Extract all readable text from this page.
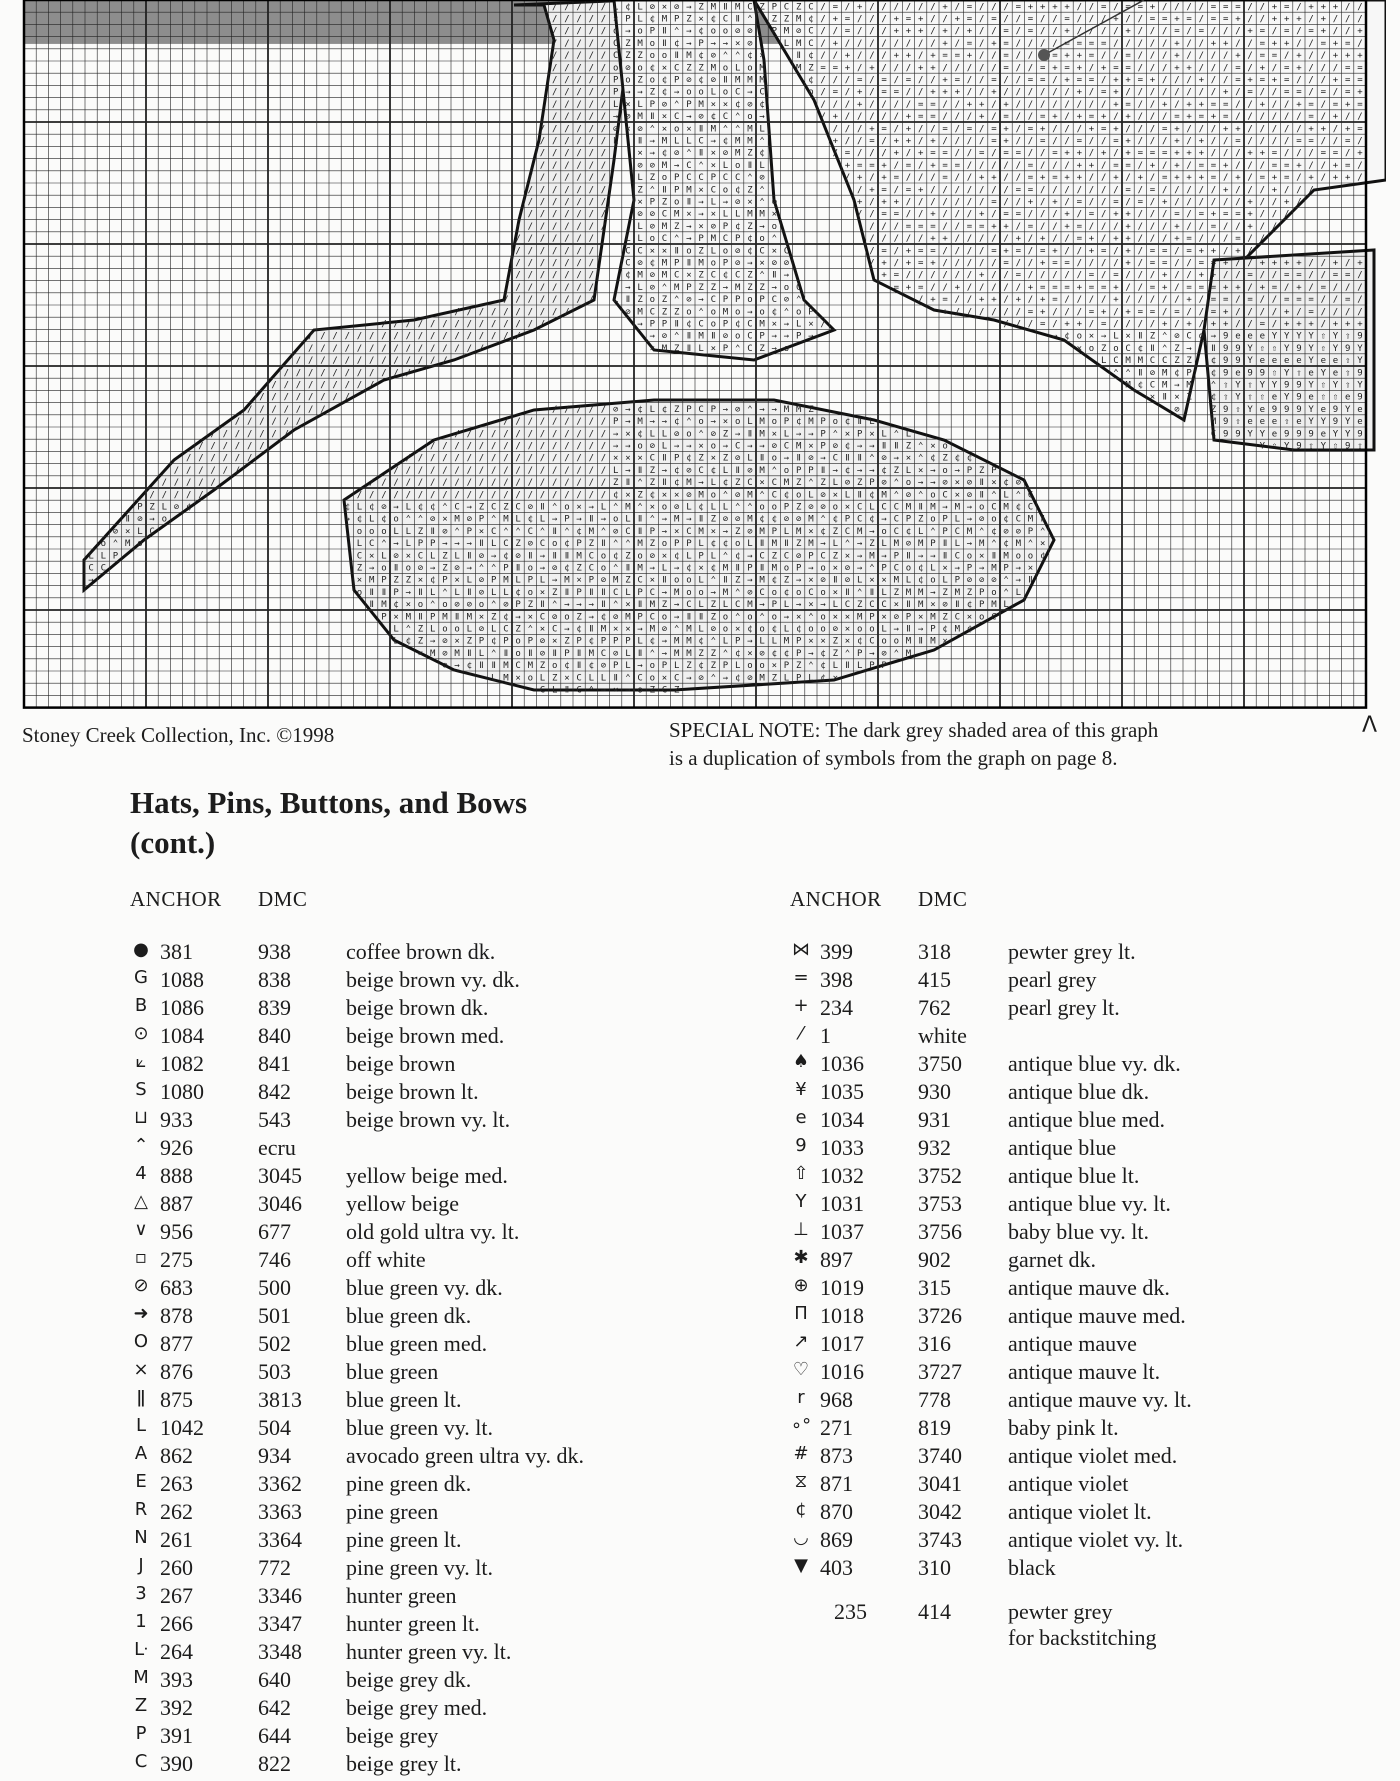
L
C
→
o
L
C
⊘
⌃
P
ǁ
×
M
P
⊘
L
o
/
Z
→
C
/
/
L
o
/
/
/
⊘
/
/
/
/
¢
/
/
/
/
/
/
/
/
/
/
/
/
/
/
/
/
/
/
/
/
/
/
/
/
/
/
/
/
/
/
/
/
/
/
/
/
/
/
/
/
/
/
/
/
/
/
/
/
/
/
/
/
/
/
/
/
/
/
/
/
/
/
/
/
/
/
/
/
/
/
/
/
¢
→
/
/
/
/
/
/
L
¢
o
L
C
Z
×
o
/
/
/
/
/
/
/
¢
L
o
C
×
→
M
ǁ
ǁ
/
/
/
/
/
/
/
⊘
¢
o
⌃
L
o
P
ǁ
M
P
/
/
/
/
/
/
/
/
→
o
L
→
⊘
ǁ
Z
P
¢
×
L
L
/
/
/
/
/
/
/
/
/
L
⌃
L
L
×
o
Z
→
×
M
⌃
¢
/
/
/
/
/
/
/
/
¢
⌃
Z
P
C
⊘
×
ǁ
o
ǁ
Z
Z
×
/
/
/
/
/
/
/
/
/
¢
⊘
ǁ
P
L
→
¢
L
⌃
P
L
→
M
/
/
/
/
/
/
/
/
/
⌃
×
⊘
→
Z
Z
P
⌃
o
M
o
⊘
⊘
⊘
/
/
/
/
/
/
/
/
/
/
C
M
⌃
→
L
⊘
×
L
⊘
ǁ
o
×
M
→
/
/
/
/
/
/
/
/
/
/
→
⊘
P
→
ǁ
→
L
ǁ
⊘
M
L
Z
ǁ
¢
/
/
/
/
/
/
/
/
/
/
Z
P
×
ǁ
⊘
⌃
⊘
⊘
o
×
⊘
P
L
ǁ
/
/
/
/
/
/
/
/
/
C
⌃
C
L
→
⌃
P
L
⌃
Z
L
¢
⌃
ǁ
L
/
/
/
/
/
/
/
/
/
/
/
Z
M
⌃
C
¢
P
M
L
⊘
¢
C
P
ǁ
M
M
/
/
/
/
/
/
/
/
/
/
/
/
/
/
/
/
/
C
L
⌃
Z
⊘
ǁ
L
¢
P
→
Z
o
o
C
×
/
/
/
/
/
/
/
/
/
/
/
/
/
/
/
/
/
/
/
/
⊘
¢
C
⊘
ǁ
o
P
o
Z
×
⌃
P
ǁ
M
o
/
/
/
/
/
/
/
/
/
/
/
/
/
/
/
/
/
/
/
/
/
/
/
/
ǁ
L
⌃
C
→
→
L
×
ǁ
C
×
⊘
⊘
Z
L
C
/
/
/
/
/
/
/
/
/
/
/
/
/
/
/
/
/
/
/
/
/
/
/
/
/
/
/
/
/
/
/
/
/
/
⌃
→
ǁ
o
ǁ
⊘
→
Z
⌃
⊘
C
×
ǁ
o
Z
L
/
/
/
/
/
/
/
/
/
/
/
/
/
/
/
/
/
/
/
/
/
/
/
/
/
/
/
/
/
/
/
/
/
/
o
P
⌃
¢
ǁ
¢
M
ǁ
→
o
→
Z
P
¢
×
ǁ
/
/
/
/
/
/
/
/
/
/
/
/
/
/
/
/
/
/
/
/
/
/
/
/
/
/
/
/
/
/
/
/
/
×
→
¢
P
M
Z
×
P
→
Z
¢
P
ǁ
ǁ
C
C
/
/
/
/
/
/
/
/
/
/
/
/
/
/
/
/
/
/
/
/
/
/
/
/
/
/
/
/
/
/
/
/
/
→
ǁ
M
Z
C
C
P
ǁ
→
→
ǁ
¢
M
¢
L
⌃
/
/
/
/
/
/
/
/
/
/
/
/
/
/
/
/
/
/
/
/
/
/
/
/
/
/
/
L
→
⌃
ǁ
o
o
⊘
ǁ
ǁ
¢
M
P
C
⊘
L
→
L
×
o
C
C
o
P
P
L
→
⊘
L
L
⊘
P
→
→
×
L
Z
¢
⌃
o
⊘
⌃
¢
⌃
M
C
⌃
⊘
×
P
⊘
P
ǁ
×
¢
P
→
Z
Z
⊘
o
→
×
⊘
×
L
C
C
¢
→
ǁ
⊘
→
→
×
→
×
→
ǁ
×
M
L
C
⌃
Z
ǁ
Z
L
×
M
×
P
L
L
⌃
→
L
L
o
M
Z
o
Z
→
L
M
⊘
ǁ
×
⊘
L
Z
×
⊘
L
L
C
⊘
M
L
Z
M
→
¢
M
¢
o
×
ǁ
⌃
Z
⌃
ǁ
ǁ
M
o
M
C
P
ǁ
P
→
L
ǁ
→
C
o
⊘
¢
P
o
o
¢
o
Z
P
ǁ
⌃
→
→
⊘
Z
⌃
P
⊘
⊘
o
×
¢
⊘
⊘
o
C
P
→
×
L
→
L
⊘
C
Z
Z
¢
×
⌃
P
Z
⊘
→
×
C
M
C
M
¢
⌃
o
o
Z
×
M
ǁ
ǁ
o
×
¢
¢
⊘
×
×
M
¢
M
o
ǁ
Z
C
M
C
×
M
M
⌃
Z
Z
P
⊘
M
¢
→
L
L
ǁ
→
ǁ
×
o
→
→
o
×
L
ǁ
→
Z
o
⊘
→
→
P
×
C
⊘
P
⌃
¢
ǁ
C
P
→
⌃
C
o
L
⊘
→
P
P
o
M
Z
⌃
ǁ
P
C
M
⌃
Z
ǁ
⌃
Z
Z
¢
⊘
→
P
¢
¢
×
⊘
M
×
P
¢
→
o
M
→
→
⌃
M
M
L
C
Z
→
Z
→
→
M
Z
⊘
o
P
→
×
L
⌃
C
C
M
ǁ
×
→
→
o
ǁ
×
P
⊘
o
¢
ǁ
ǁ
P
⌃
o
→
¢
⊘
M
⊘
L
→
C
P
L
¢
o
o
C
ǁ
M
M
M
Z
→
Z
×
¢
P
¢
Z
¢
o
M
⊘
ǁ
C
ǁ
⌃
C
×
→
→
×
P
Z
M
Z
Z
→
⌃
C
M
L
C
o
⌃
×
Z
C
→
M
¢
ǁ
M
L
P
×
L
o
L
ǁ
L
¢
Z
¢
⊘
M
¢
o
→
⊘
M
⊘
L
×
¢
M
→
×
×
P
C
L
×
⊘
M
L
o
C
Z
C
o
o
ǁ
×
P
→
⊘
o
×
¢
L
o
L
Z
×
¢
L
¢
⌃
→
Z
Z
⊘
⌃
Z
Z
⌃
ǁ
C
o
→
⌃
o
ǁ
o
×
C
⌃
¢
⊘
L
C
o
→
L
P
C
o
P
¢
→
P
M
P
⊘
P
→
×
Z
→
Z
L
¢
⌃
L
⊘
→
¢
⌃
M
ǁ
M
L
o
o
L
⌃
P
→
M
ǁ
⊘
×
⌃
L
M
C
¢
⌃
⌃
M
M
o
C
¢
⊘
L
¢
P
⊘
⊘
C
M
P
o
¢
o
⌃
⊘
o
→
C
⊘
ǁ
Z
⊘
⌃
⊘
Z
o
¢
ǁ
Z
⌃
C
⌃
×
P
¢
L
¢
C
⌃
⊘
⊘
¢
o
M
→
⊘
o
M
M
Z
ǁ
⌃
Z
×
M
Z
¢
¢
→
Z
Z
o
→
C
C
C
⌃
L
ǁ
→
L
⊘
C
M
⌃
M
⊘
L
→
P
→
⊘
M
o
¢
→
×
o
⊘
Z
×
M
M
C
¢
→
L
⌃
¢
L
⊘
⌃
⌃
M
→
o
C
×
⌃
Z
P
o
M
P
Z
→
M
M
→
ǁ
M
×
⌃
o
¢
M
ǁ
C
ǁ
M
C
→
⌃
o
L
⊘
o
M
P
Z
P
⊘
×
o
⌃
×
⊘
ǁ
→
C
¢
×
→
→
→
o
×
⊘
o
⌃
C
C
o
¢
P
M
Z
M
¢
o
P
o
¢
L
¢
×
Z
C
Z
M
L
C
⊘
→
o
⊘
⌃
→
→
o
M
P
L
C
→
o
M
¢
P
⊘
L
ǁ
C
o
Z
¢
L
→
L
M
¢
P
L
Z
M
⊘
M
ǁ
M
C
⌃
o
L
P
M
¢
→
M
ǁ
P
Z
o
Z
⊘
M
Z
⊘
P
→
o
→
×
¢
P
P
Z
P
C
¢
C
C
¢
Z
¢
o
P
×
→
Z
M
→
×
⊘
P
⌃
L
⊘
M
×
M
P
→
×
C
×
⌃
o
×
→
⌃
L
/
/
/
/
/
=
/
/
/
/
/
P
P
P
→
ǁ
Z
⊘
⊘
⌃
¢
→
C
o
⊘
o
→
o
o
×
¢
¢
¢
=
+
/
+
/
=
/
=
/
+
/
+
/
o
⌃
⊘
C
→
L
×
o
¢
Z
L
Z
×
ǁ
×
L
×
⊘
Z
Z
L
×
/
=
=
/
+
+
/
/
/
/
/
/
=
+
/
¢
×
¢
ǁ
¢
⊘
L
×
P
C
⌃
×
⊘
⊘
ǁ
C
×
×
×
⌃
ǁ
+
/
/
/
/
/
=
+
+
/
/
/
/
=
+
/
+
/
ǁ
P
→
ǁ
→
Z
ǁ
C
C
M
→
→
→
L
⌃
Z
M
o
¢
P
L
/
/
/
/
/
+
/
/
/
/
+
=
/
=
/
+
/
/
/
/
/
/
L
×
→
⌃
→
P
¢
L
¢
→
Z
M
⌃
×
ǁ
C
P
o
C
→
P
/
/
/
/
/
/
=
=
/
/
=
/
/
+
+
=
+
=
/
/
=
+
+
L
ǁ
⊘
¢
⊘
M
C
→
o
L
→
P
×
L
C
×
L
o
⊘
P
/
+
+
/
+
/
/
=
/
/
/
+
+
/
=
/
+
=
/
/
/
/
=
=
⌃
ǁ
→
Z
⌃
⌃
C
C
C
M
P
C
M
Z
×
⊘
→
o
⌃
/
=
+
/
+
/
=
/
/
+
+
+
/
=
/
=
/
/
=
/
+
+
/
+
L
Z
×
L
o
⊘
M
P
¢
⊘
ǁ
o
L
M
ǁ
P
ǁ
M
M
/
+
+
/
/
+
/
/
=
=
/
/
+
/
/
+
/
/
=
/
=
=
/
=
/
⌃
⌃
×
→
⌃
ǁ
Z
L
M
→
¢
¢
M
M
×
→
ǁ
→
/
/
/
/
+
+
/
+
=
=
/
+
=
+
/
/
/
+
=
+
=
+
/
/
+
×
¢
→
→
o
M
o
⌃
P
→
L
o
→
×
M
P
M
+
/
+
+
=
/
+
+
/
/
=
/
=
=
=
/
/
/
/
+
/
/
/
/
=
+
o
Z
o
⊘
C
→
P
P
ǁ
ǁ
×
L
Z
⊘
Z
¢
×
/
+
/
/
=
/
=
+
/
/
/
/
/
=
/
/
/
/
/
/
/
/
/
+
/
/
¢
→
×
×
M
L
C
L
C
→
P
M
ǁ
C
M
=
=
+
=
+
/
/
/
+
/
=
/
/
/
/
/
/
/
=
/
/
/
/
/
/
/
¢
P
⊘
⊘
→
→
M
→
o
P
⊘
Z
¢
×
¢
/
/
/
/
/
/
/
/
+
+
/
/
=
/
+
/
/
+
=
/
/
/
+
/
+
/
Z
ǁ
ǁ
o
⊘
⌃
M
×
→
⊘
P
P
o
/
=
/
+
/
/
=
+
/
/
=
=
/
/
+
/
=
/
+
/
=
/
/
/
+
/
P
×
⌃
C
o
¢
⌃
ǁ
M
⊘
o
M
C
/
/
=
=
=
=
/
/
+
=
+
+
=
/
/
/
/
=
+
/
+
=
/
/
/
/
/
¢
L
M
¢
⊘
¢
M
P
⌃
⌃
L
=
/
/
/
/
/
/
/
/
/
/
/
=
/
/
=
/
=
/
+
=
/
=
/
+
/
/
⊘
⌃
¢
C
⊘
M
o
→
→
L
+
=
=
/
/
/
=
/
/
/
=
/
/
=
=
=
+
/
=
/
/
/
/
+
/
=
/
C
C
M
P
⌃
o
×
ǁ
+
/
/
/
=
=
/
/
=
+
=
/
/
+
/
/
/
/
+
=
+
/
=
+
+
=
ǁ
⌃
×
¢
+
/
/
/
=
+
/
/
/
+
/
/
=
/
=
/
+
/
/
/
+
=
/
=
=
/
/
→
+
=
+
=
+
=
+
/
/
/
/
/
+
/
+
/
/
+
+
/
/
=
/
=
/
/
+
¢
/
/
/
=
+
+
=
+
/
+
/
=
+
+
+
/
=
/
=
=
/
/
/
+
/
/
+
o
×
/
/
/
=
=
/
=
/
/
=
+
/
/
+
/
/
/
=
/
+
+
/
=
=
/
=
/
×
o
=
/
/
=
/
+
/
=
/
+
=
/
+
/
/
/
/
/
/
/
=
/
/
=
/
+
=
→
Z
L
/
+
/
/
/
=
+
+
+
/
+
=
/
=
+
/
=
+
/
+
/
/
=
+
+
/
/
L
o
C
⌃
=
/
+
/
=
=
+
/
=
+
/
+
+
=
/
=
/
+
+
+
+
+
/
/
/
+
/
×
C
M
⌃
M
=
/
/
/
/
/
=
/
/
/
/
/
=
/
+
/
=
/
/
/
/
/
/
/
/
=
/
ǁ
¢
M
ǁ
¢
+
=
/
/
/
/
+
/
/
/
/
/
=
+
/
=
/
/
/
/
=
=
/
=
/
=
/
Z
ǁ
C
⊘
C
×
/
=
/
/
/
/
/
/
+
/
=
/
=
/
=
/
+
/
/
/
=
=
+
+
/
/
+
⌃
⌃
C
M
M
ǁ
/
+
=
+
+
+
/
/
/
=
+
+
+
+
+
/
/
=
+
+
/
/
/
/
/
=
/
⊘
Z
Z
¢
→
×
⊘
/
=
/
/
/
+
/
/
+
+
/
/
+
/
+
/
/
/
/
=
=
/
/
=
+
/
+
C
→
Z
P
M
Z
/
/
=
/
/
/
+
/
+
=
/
+
+
=
+
/
/
=
/
/
+
=
+
=
/
/
/
o
=
=
/
+
/
/
/
/
=
+
/
/
/
=
=
/
/
+
=
/
+
=
+
=
=
=
+
→
ǁ
¢
¢
⌃
¢
Z
M
C
=
=
/
+
/
/
/
+
=
=
+
/
/
+
/
+
/
=
/
/
/
+
/
+
=
+
+
9
9
9
9
⇧
⇧
9
9
9
=
+
/
/
+
=
=
/
/
/
+
=
/
/
+
/
/
=
/
=
+
/
/
+
/
/
/
e
9
9
e
Υ
Υ
⇧
⇧
9
/
/
+
/
/
/
+
=
/
/
/
/
+
/
/
/
+
+
+
/
/
/
=
/
=
/
/
e
Υ
Υ
9
⇧
⇧
Υ
e
Υ
/
/
=
=
=
+
=
/
+
/
/
/
+
/
=
/
/
/
/
/
+
/
+
/
/
=
e
⇧
e
9
Υ
⇧
e
e
Υ
Υ
+
+
/
+
=
/
+
/
/
/
/
/
=
=
+
+
/
/
/
+
/
=
/
/
/
Υ
⇧
e
⇧
Υ
e
9
e
e
⇧
=
+
=
+
/
=
=
=
/
/
/
/
/
=
=
/
+
/
+
=
/
=
+
+
Υ
Υ
e
Υ
9
Υ
9
⇧
9
Υ
/
+
/
/
+
+
/
=
+
/
/
=
/
+
/
/
/
+
=
+
=
/
+
Υ
9
e
⇧
9
9
9
e
9
9
+
/
=
/
/
/
/
/
=
=
+
=
/
/
+
/
/
/
/
=
=
+
Υ
Υ
Υ
e
Υ
e
Υ
Υ
9
⇧
+
+
+
=
/
/
/
=
/
/
+
/
=
/
/
/
/
=
/
/
/
⇧
⇧
e
Υ
⇧
⇧
e
Υ
e
Υ
+
/
/
+
+
/
+
/
=
+
/
/
=
+
+
+
=
/
/
/
+
Υ
Υ
e
e
Υ
⇧
9
9
Υ
⇧
/
/
/
=
+
=
=
=
+
/
+
=
/
=
+
/
=
/
=
/
+
⇧
9
⇧
⇧
⇧
e
Υ
Υ
Υ
9
/
/
+
/
+
=
=
+
=
/
=
/
+
/
/
+
/
/
/
/
+
9
Υ
Υ
9
Υ
9
e
e
9
⇧
Stoney Creek Collection, Inc. ©1998	SPECIAL NOTE: The dark grey shaded area of this graph
is a duplication of symbols from the graph on page 8.
Λ
Hats, Pins, Buttons, and Bows
(cont.)
ANCHOR DMC
● 381	938	coffee brown dk.
G 1088 838	beige brown vy. dk.
B 1086 839	beige brown dk.
⊙ 1084 840	beige brown med.
⟀ 1082 841	beige brown
S 1080 842	beige brown lt.
⊔ 933	543	beige brown vy. lt.
⌃ 926	ecru
4 888	3045 yellow beige med.
△ 887	3046 yellow beige
∨ 956	677	old gold ultra vy. lt.
▫ 275	746	off white
⊘ 683	500	blue green vy. dk.
➜ 878	501	blue green dk.
O 877	502	blue green med.
× 876	503	blue green
ǁ 875	3813 blue green lt.
L 1042 504	blue green vy. lt.
A 862	934	avocado green ultra vy. dk.
E 263	3362 pine green dk.
R 262	3363 pine green
N 261	3364 pine green lt.
J 260	772	pine green vy. lt.
3 267	3346 hunter green
1 266	3347 hunter green lt.
ᒷ 264	3348 hunter green vy. lt.
M 393	640	beige grey dk.
Z 392	642	beige grey med.
P 391	644	beige grey
C 390	822	beige grey lt.
ANCHOR DMC
⋈ 399	318	pewter grey lt.
= 398	415	pearl grey
+ 234	762	pearl grey lt.
⁄ 1	white
♠ 1036 3750 antique blue vy. dk.
¥ 1035 930	antique blue dk.
e 1034 931	antique blue med.
9 1033 932	antique blue
⇧ 1032 3752 antique blue lt.
Y 1031 3753 antique blue vy. lt.
⊥ 1037 3756 baby blue vy. lt.
✱ 897	902	garnet dk.
⊕ 1019 315	antique mauve dk.
Π 1018 3726 antique mauve med.
↗ 1017 316	antique mauve
♡ 1016 3727 antique mauve lt.
r 968	778	antique mauve vy. lt.
∘° 271	819	baby pink lt.
# 873	3740 antique violet med.
⧖ 871	3041 antique violet
¢ 870	3042 antique violet lt.
◡ 869	3743 antique violet vy. lt.
▼ 403	310	black
235 414	pewter grey
for backstitching
